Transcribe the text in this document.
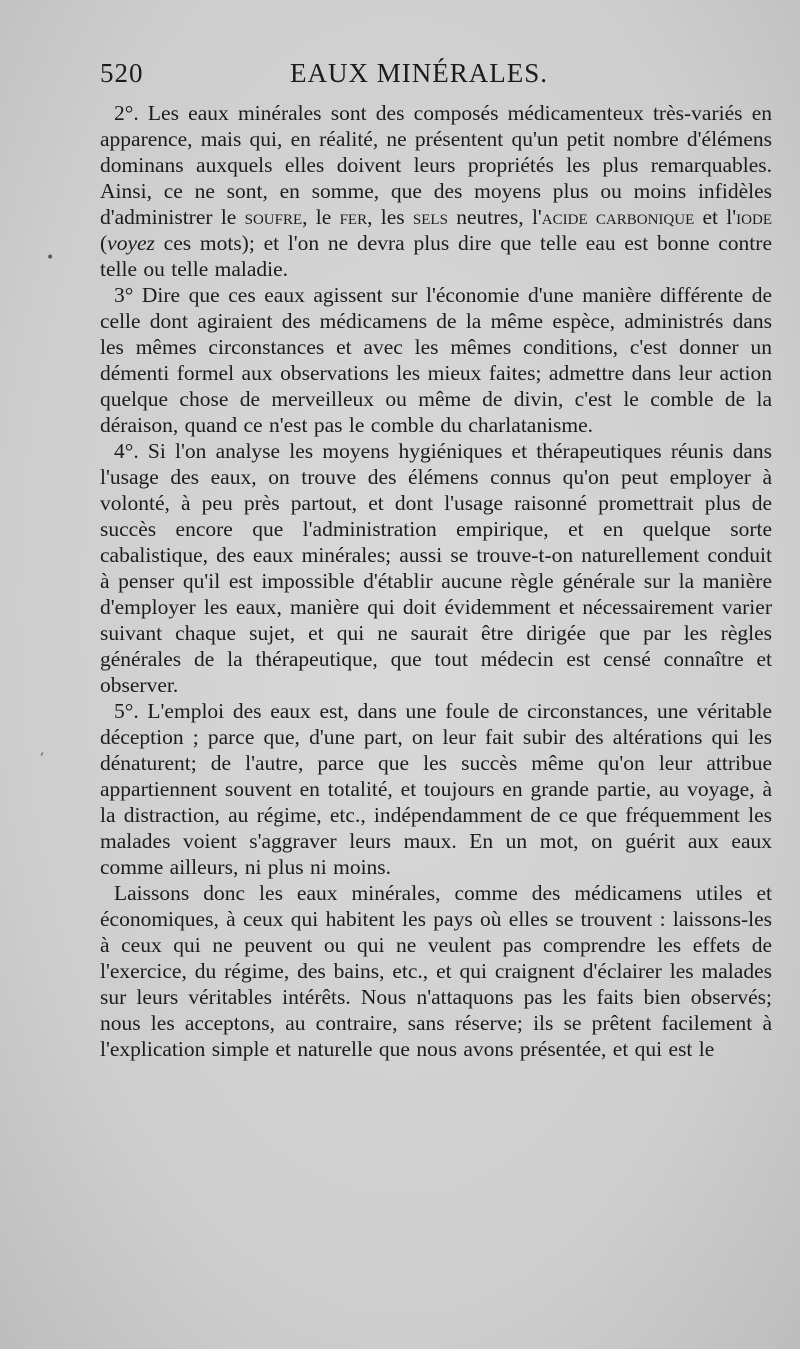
520	EAUX MINÉRALES.

2°. Les eaux minérales sont des composés médicamenteux très-variés en apparence, mais qui, en réalité, ne présentent qu'un petit nombre d'élémens dominans auxquels elles doivent leurs propriétés les plus remarquables. Ainsi, ce ne sont, en somme, que des moyens plus ou moins infidèles d'administrer le soufre, le fer, les sels neutres, l'acide carbonique et l'iode (voyez ces mots); et l'on ne devra plus dire que telle eau est bonne contre telle ou telle maladie.

3° Dire que ces eaux agissent sur l'économie d'une manière différente de celle dont agiraient des médicamens de la même espèce, administrés dans les mêmes circonstances et avec les mêmes conditions, c'est donner un démenti formel aux observations les mieux faites; admettre dans leur action quelque chose de merveilleux ou même de divin, c'est le comble de la déraison, quand ce n'est pas le comble du charlatanisme.

4°. Si l'on analyse les moyens hygiéniques et thérapeutiques réunis dans l'usage des eaux, on trouve des élémens connus qu'on peut employer à volonté, à peu près partout, et dont l'usage raisonné promettrait plus de succès encore que l'administration empirique, et en quelque sorte cabalistique, des eaux minérales; aussi se trouve-t-on naturellement conduit à penser qu'il est impossible d'établir aucune règle générale sur la manière d'employer les eaux, manière qui doit évidemment et nécessairement varier suivant chaque sujet, et qui ne saurait être dirigée que par les règles générales de la thérapeutique, que tout médecin est censé connaître et observer.

5°. L'emploi des eaux est, dans une foule de circonstances, une véritable déception ; parce que, d'une part, on leur fait subir des altérations qui les dénaturent; de l'autre, parce que les succès même qu'on leur attribue appartiennent souvent en totalité, et toujours en grande partie, au voyage, à la distraction, au régime, etc., indépendamment de ce que fréquemment les malades voient s'aggraver leurs maux. En un mot, on guérit aux eaux comme ailleurs, ni plus ni moins.

Laissons donc les eaux minérales, comme des médicamens utiles et économiques, à ceux qui habitent les pays où elles se trouvent : laissons-les à ceux qui ne peuvent ou qui ne veulent pas comprendre les effets de l'exercice, du régime, des bains, etc., et qui craignent d'éclairer les malades sur leurs véritables intérêts. Nous n'attaquons pas les faits bien observés; nous les acceptons, au contraire, sans réserve; ils se prêtent facilement à l'explication simple et naturelle que nous avons présentée, et qui est le

•
,
